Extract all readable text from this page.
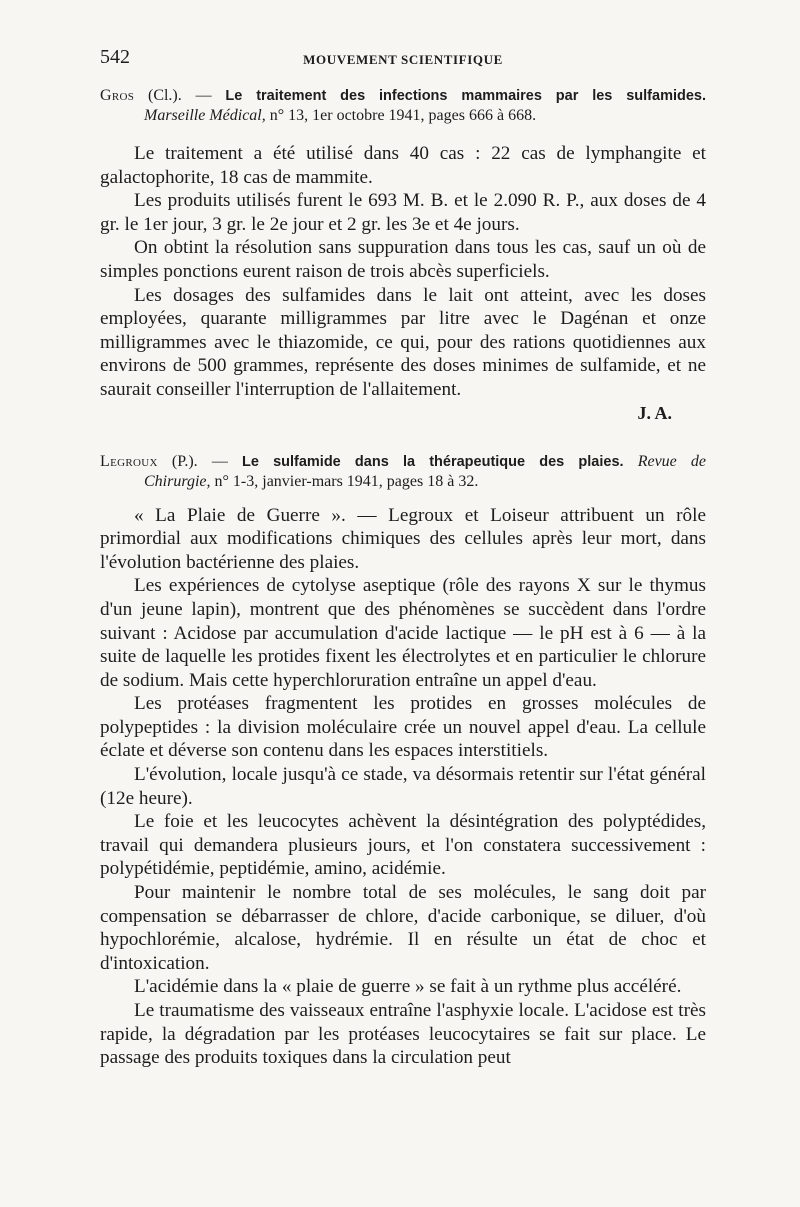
542	MOUVEMENT SCIENTIFIQUE
Gros (Cl.). — Le traitement des infections mammaires par les sulfamides.
Marseille Médical, n° 13, 1er octobre 1941, pages 666 à 668.

Le traitement a été utilisé dans 40 cas : 22 cas de lymphangite et galactophorite, 18 cas de mammite.

Les produits utilisés furent le 693 M. B. et le 2.090 R. P., aux doses de 4 gr. le 1er jour, 3 gr. le 2e jour et 2 gr. les 3e et 4e jours.

On obtint la résolution sans suppuration dans tous les cas, sauf un où de simples ponctions eurent raison de trois abcès superficiels.

Les dosages des sulfamides dans le lait ont atteint, avec les doses employées, quarante milligrammes par litre avec le Dagénan et onze milligrammes avec le thiazomide, ce qui, pour des rations quotidiennes aux environs de 500 grammes, représente des doses minimes de sulfamide, et ne saurait conseiller l'interruption de l'allaitement.

J. A.
Legroux (P.). — Le sulfamide dans la thérapeutique des plaies. Revue de
Chirurgie, n° 1-3, janvier-mars 1941, pages 18 à 32.

« La Plaie de Guerre ». — Legroux et Loiseur attribuent un rôle primordial aux modifications chimiques des cellules après leur mort, dans l'évolution bactérienne des plaies.

Les expériences de cytolyse aseptique (rôle des rayons X sur le thymus d'un jeune lapin), montrent que des phénomènes se succèdent dans l'ordre suivant : Acidose par accumulation d'acide lactique — le pH est à 6 — à la suite de laquelle les protides fixent les électrolytes et en particulier le chlorure de sodium. Mais cette hyperchloruration entraîne un appel d'eau.

Les protéases fragmentent les protides en grosses molécules de polypeptides : la division moléculaire crée un nouvel appel d'eau. La cellule éclate et déverse son contenu dans les espaces interstitiels.

L'évolution, locale jusqu'à ce stade, va désormais retentir sur l'état général (12e heure).

Le foie et les leucocytes achèvent la désintégration des polyptédides, travail qui demandera plusieurs jours, et l'on constatera successivement : polypétidémie, peptidémie, amino, acidémie.

Pour maintenir le nombre total de ses molécules, le sang doit par compensation se débarrasser de chlore, d'acide carbonique, se diluer, d'où hypochlorémie, alcalose, hydrémie. Il en résulte un état de choc et d'intoxication.

L'acidémie dans la « plaie de guerre » se fait à un rythme plus accéléré.

Le traumatisme des vaisseaux entraîne l'asphyxie locale. L'acidose est très rapide, la dégradation par les protéases leucocytaires se fait sur place. Le passage des produits toxiques dans la circulation peut
